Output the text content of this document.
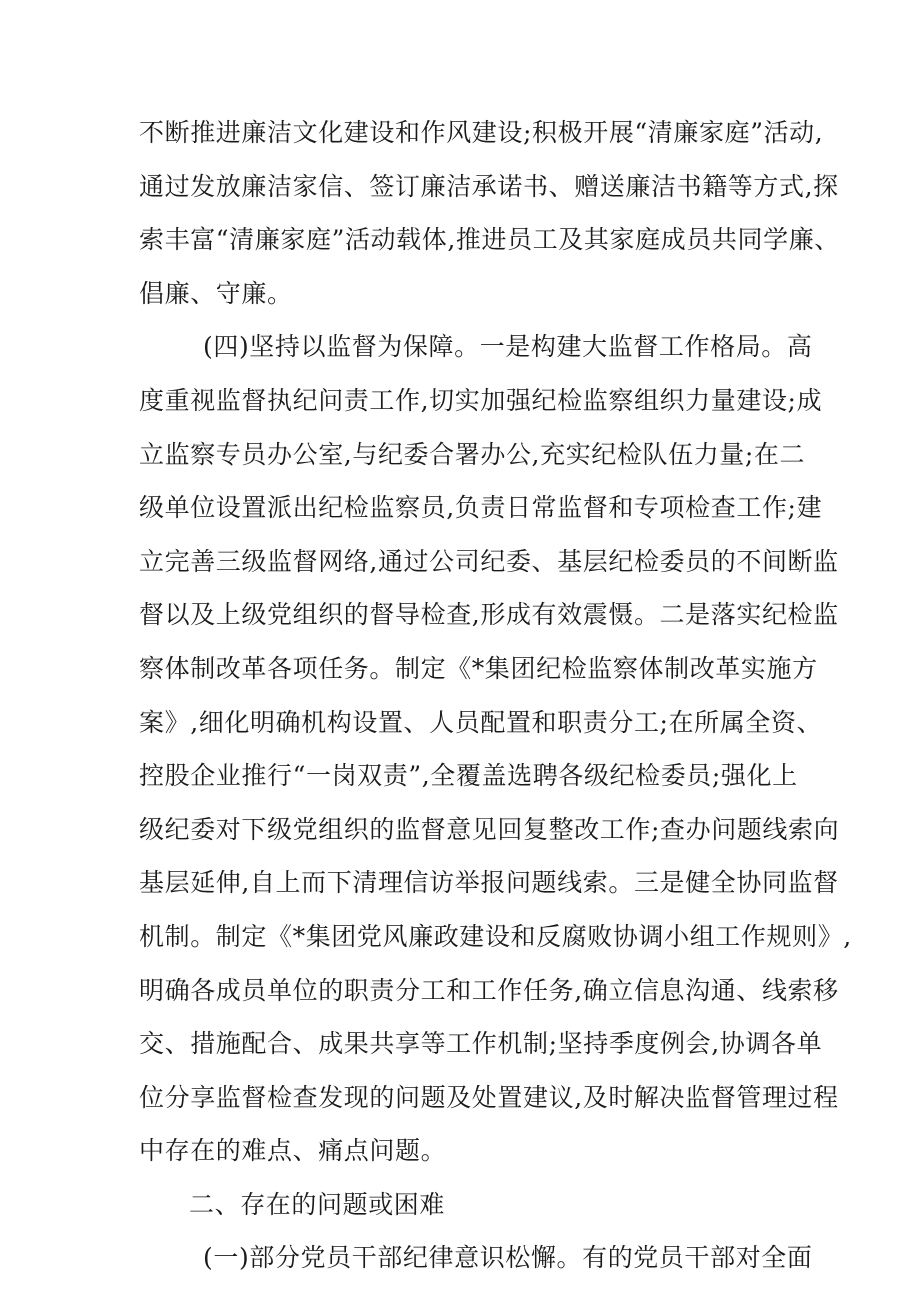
不断推进廉洁文化建设和作风建设;积极开展“清廉家庭”活动,
通过发放廉洁家信、签订廉洁承诺书、赠送廉洁书籍等方式,探
索丰富“清廉家庭”活动载体,推进员工及其家庭成员共同学廉、
倡廉、守廉。
(四)坚持以监督为保障。一是构建大监督工作格局。高
度重视监督执纪问责工作,切实加强纪检监察组织力量建设;成
立监察专员办公室,与纪委合署办公,充实纪检队伍力量;在二
级单位设置派出纪检监察员,负责日常监督和专项检查工作;建
立完善三级监督网络,通过公司纪委、基层纪检委员的不间断监
督以及上级党组织的督导检查,形成有效震慑。二是落实纪检监
察体制改革各项任务。制定《*集团纪检监察体制改革实施方
案》,细化明确机构设置、人员配置和职责分工;在所属全资、
控股企业推行“一岗双责”,全覆盖选聘各级纪检委员;强化上
级纪委对下级党组织的监督意见回复整改工作;查办问题线索向
基层延伸,自上而下清理信访举报问题线索。三是健全协同监督
机制。制定《*集团党风廉政建设和反腐败协调小组工作规则》,
明确各成员单位的职责分工和工作任务,确立信息沟通、线索移
交、措施配合、成果共享等工作机制;坚持季度例会,协调各单
位分享监督检查发现的问题及处置建议,及时解决监督管理过程
中存在的难点、痛点问题。
二、存在的问题或困难
(一)部分党员干部纪律意识松懈。有的党员干部对全面
